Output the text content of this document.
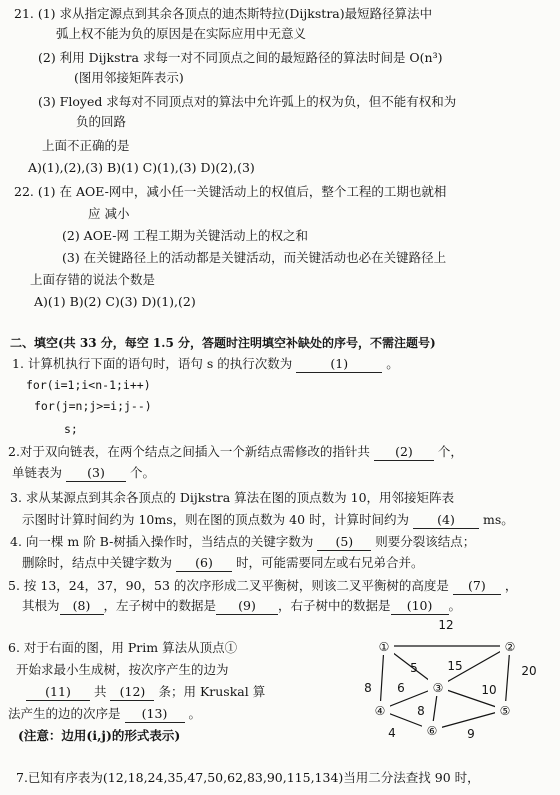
21. (1) 求从指定源点到其余各顶点的迪杰斯特拉(Dijkstra)最短路径算法中
弧上权不能为负的原因是在实际应用中无意义
(2) 利用 Dijkstra 求每一对不同顶点之间的最短路径的算法时间是 O(n³)
(图用邻接矩阵表示)
(3) Floyed 求每对不同顶点对的算法中允许弧上的权为负，但不能有权和为
负的回路
上面不正确的是
A)(1),(2),(3) B)(1) C)(1),(3) D)(2),(3)
22. (1) 在 AOE-网中，减小任一关键活动上的权值后，整个工程的工期也就相
应 减小
(2) AOE-网 工程工期为关键活动上的权之和
(3) 在关键路径上的活动都是关键活动，而关键活动也必在关键路径上
上面存错的说法个数是
A)(1) B)(2) C)(3) D)(1),(2)
二、填空(共 33 分，每空 1.5 分，答题时注明填空补缺处的序号，不需注题号)
1. 计算机执行下面的语句时，语句 s 的执行次数为	(1)	。
for(i=1;i<n-1;i++)
for(j=n;j>=i;j--)
s;
2.对于双向链表，在两个结点之间插入一个新结点需修改的指针共 (2) 个，
单链表为 (3) 个。
3. 求从某源点到其余各顶点的 Dijkstra 算法在图的顶点数为 10，用邻接矩阵表
示图时计算时间约为 10ms，则在图的顶点数为 40 时，计算时间约为 (4) ms。
4. 向一棵 m 阶 B-树插入操作时，当结点的关键字数为 (5) 则要分裂该结点；
删除时，结点中关键字数为 (6) 时，可能需要同左或右兄弟合并。
5. 按 13，24，37，90，53 的次序形成二叉平衡树，则该二叉平衡树的高度是 (7) ，
其根为 (8) ，左子树中的数据是 (9) ，右子树中的数据是 (10) 。
6. 对于右面的图，用 Prim 算法从顶点①
开始求最小生成树，按次序产生的边为
(11) 共 (12) 条；用 Kruskal 算
法产生的边的次序是 (13) 。
(注意：边用(i,j)的形式表示)
①	②
③
④	⑤
⑥
12
5 15	20
8 6	10
8
4	9
7.已知有序表为(12,18,24,35,47,50,62,83,90,115,134)当用二分法查找 90 时，
